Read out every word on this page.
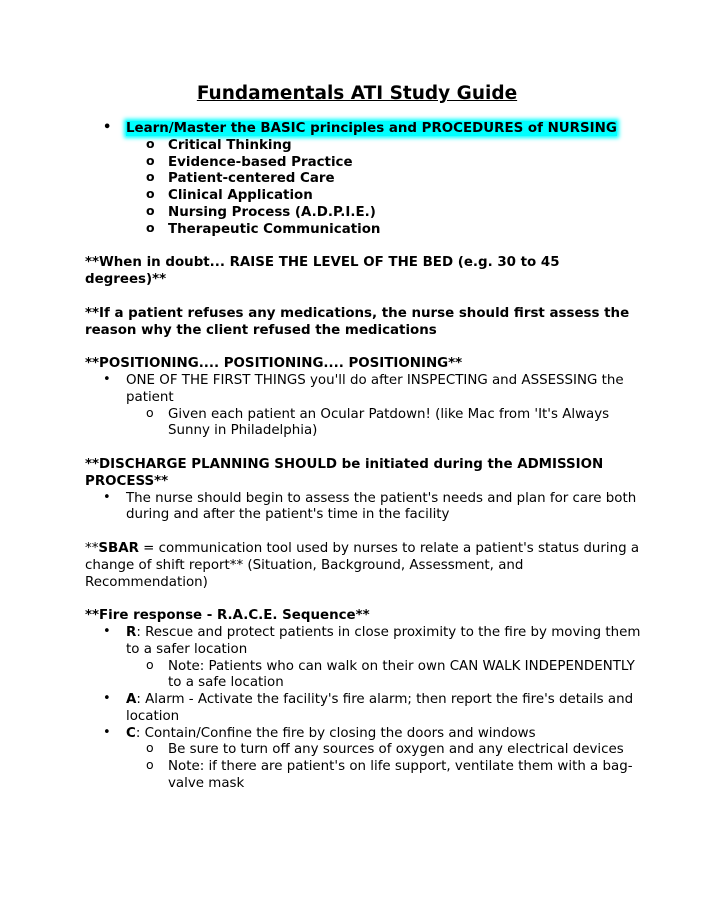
Fundamentals ATI Study Guide
• Learn/Master the BASIC principles and PROCEDURES of NURSING
o Critical Thinking
o Evidence-based Practice
o Patient-centered Care
o Clinical Application
o Nursing Process (A.D.P.I.E.)
o Therapeutic Communication
**When in doubt... RAISE THE LEVEL OF THE BED (e.g. 30 to 45 degrees)**
**If a patient refuses any medications, the nurse should first assess the reason why the client refused the medications
**POSITIONING.... POSITIONING.... POSITIONING**
• ONE OF THE FIRST THINGS you'll do after INSPECTING and ASSESSING the patient
o Given each patient an Ocular Patdown! (like Mac from 'It's Always Sunny in Philadelphia)
**DISCHARGE PLANNING SHOULD be initiated during the ADMISSION PROCESS**
• The nurse should begin to assess the patient's needs and plan for care both during and after the patient's time in the facility
**SBAR = communication tool used by nurses to relate a patient's status during a change of shift report** (Situation, Background, Assessment, and Recommendation)
**Fire response - R.A.C.E. Sequence**
• R: Rescue and protect patients in close proximity to the fire by moving them to a safer location
o Note: Patients who can walk on their own CAN WALK INDEPENDENTLY to a safe location
• A: Alarm - Activate the facility's fire alarm; then report the fire's details and location
• C: Contain/Confine the fire by closing the doors and windows
o Be sure to turn off any sources of oxygen and any electrical devices
o Note: if there are patient's on life support, ventilate them with a bag-valve mask
